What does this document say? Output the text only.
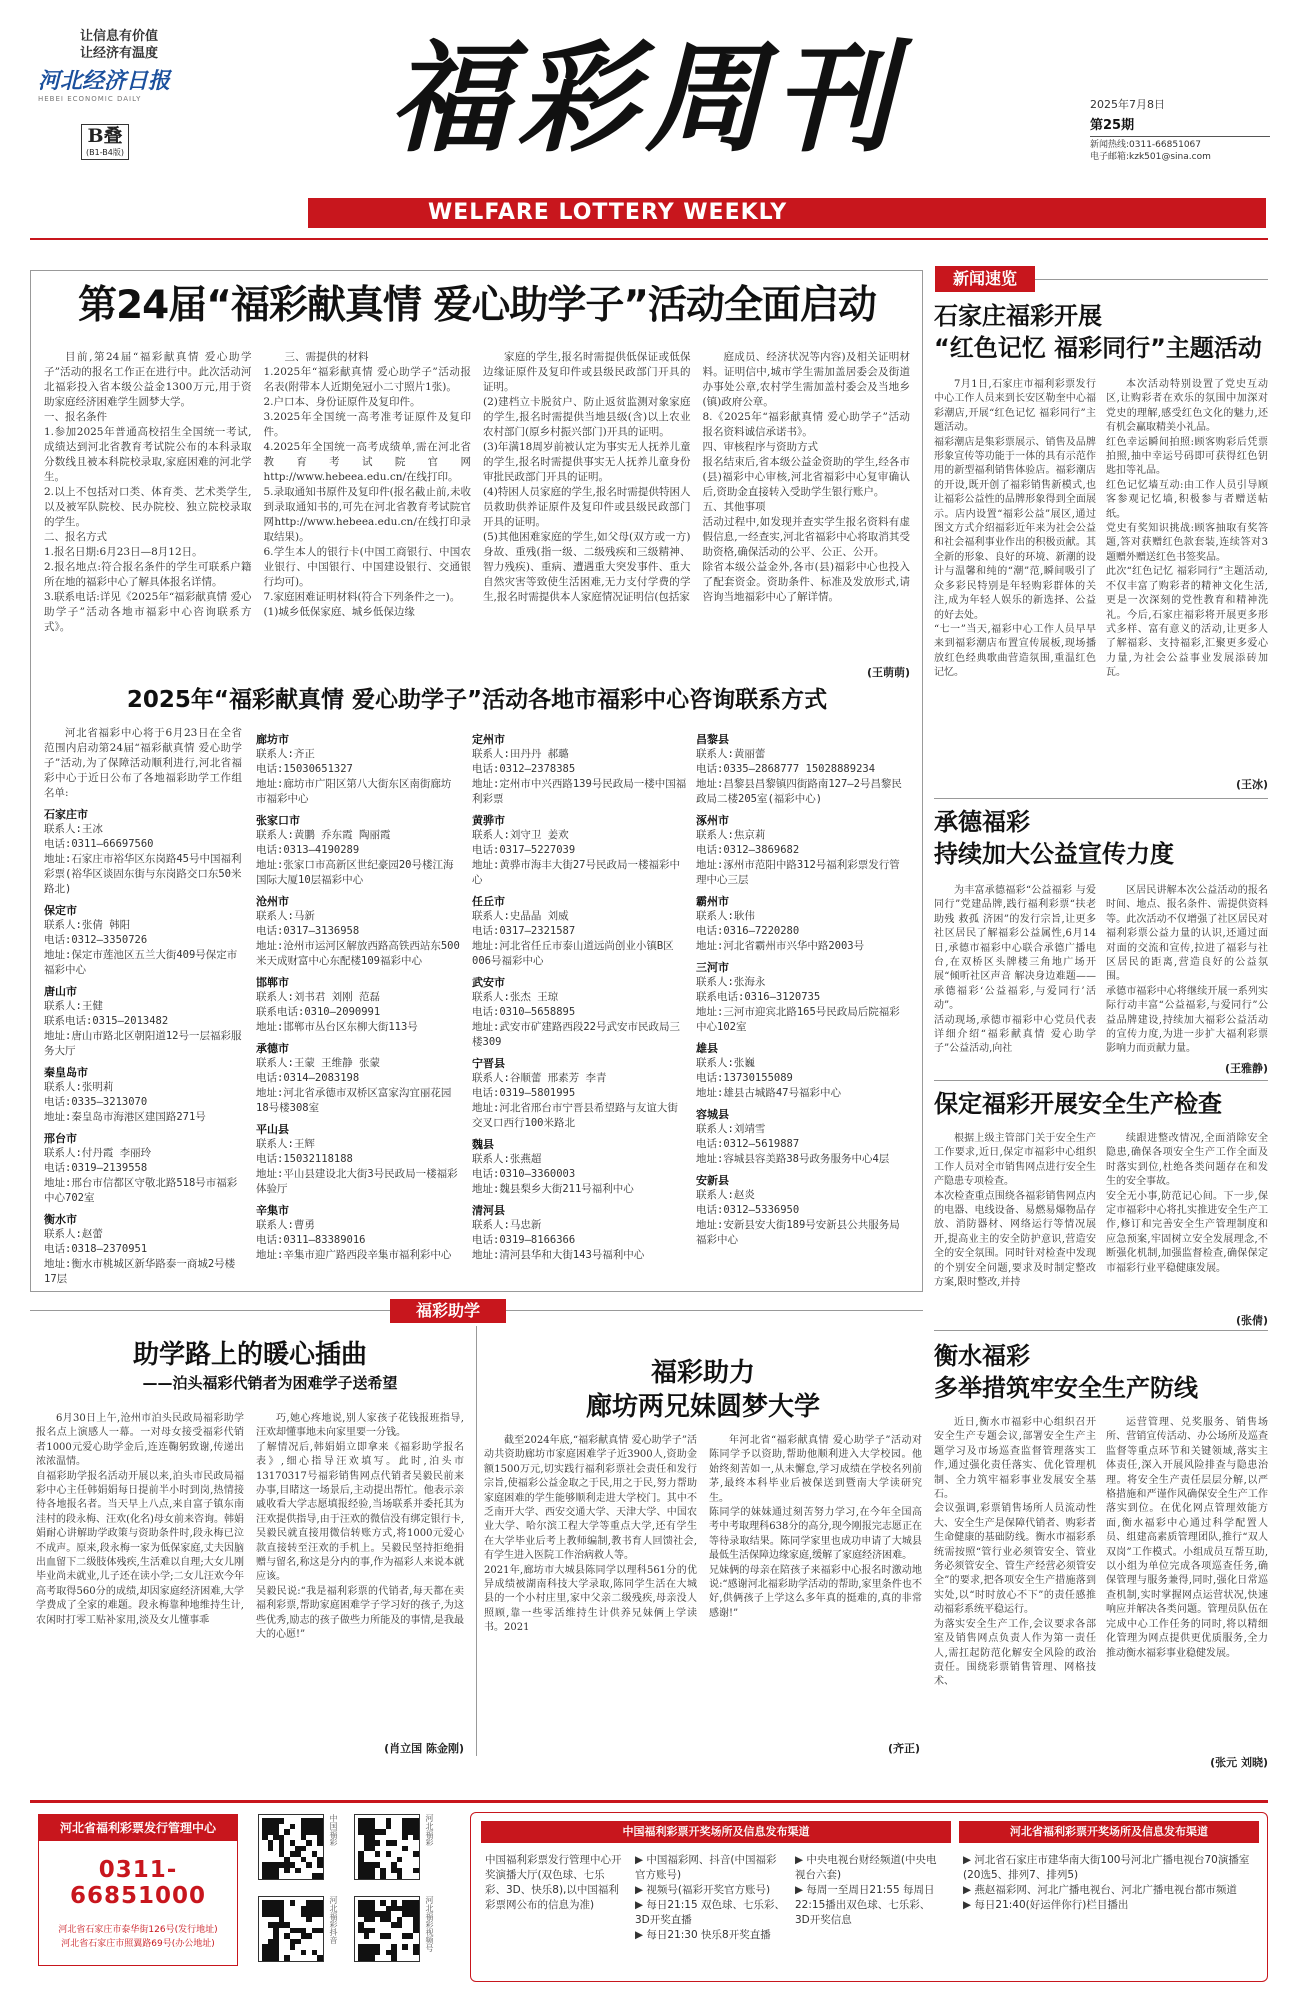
让信息有价值
让经济有温度
河北经济日报
HEBEI ECONOMIC DAILY
B叠
(B1-B4版)	福彩周刊	2025年7月8日
第25期
新闻热线:0311-66851067
电子邮箱:kzk501@sina.com
WELFARE LOTTERY WEEKLY
第24届“福彩献真情 爱心助学子”活动全面启动
目前,第24届“福彩献真情 爱心助学子”活动的报名工作正在进行中。此次活动河北福彩投入省本级公益金1300万元,用于资助家庭经济困难学生圆梦大学。
一、报名条件
1.参加2025年普通高校招生全国统一考试,成绩达到河北省教育考试院公布的本科录取分数线且被本科院校录取,家庭困难的河北学生。
2.以上不包括对口类、体育类、艺术类学生,以及被军队院校、民办院校、独立院校录取的学生。
二、报名方式
1.报名日期:6月23日—8月12日。
2.报名地点:符合报名条件的学生可联系户籍所在地的福彩中心了解具体报名详情。
3.联系电话:详见《2025年“福彩献真情 爱心助学子”活动各地市福彩中心咨询联系方式》。
三、需提供的材料
1.2025年“福彩献真情 爱心助学子”活动报名表(附带本人近期免冠小二寸照片1张)。
2.户口本、身份证原件及复印件。
3.2025年全国统一高考准考证原件及复印件。
4.2025年全国统一高考成绩单,需在河北省教育考试院官网http://www.hebeea.edu.cn/在线打印。
5.录取通知书原件及复印件(报名截止前,未收到录取通知书的,可先在河北省教育考试院官网http://www.hebeea.edu.cn/在线打印录取结果)。
6.学生本人的银行卡(中国工商银行、中国农业银行、中国银行、中国建设银行、交通银行均可)。
7.家庭困难证明材料(符合下列条件之一)。
(1)城乡低保家庭、城乡低保边缘
家庭的学生,报名时需提供低保证或低保边缘证原件及复印件或县级民政部门开具的证明。
(2)建档立卡脱贫户、防止返贫监测对象家庭的学生,报名时需提供当地县级(含)以上农业农村部门(原乡村振兴部门)开具的证明。
(3)年满18周岁前被认定为事实无人抚养儿童的学生,报名时需提供事实无人抚养儿童身份审批民政部门开具的证明。
(4)特困人员家庭的学生,报名时需提供特困人员救助供养证原件及复印件或县级民政部门开具的证明。
(5)其他困难家庭的学生,如父母(双方或一方)身故、重残(指一级、二级残疾和三级精神、智力残疾)、重病、遭遇重大突发事件、重大自然灾害等致使生活困难,无力支付学费的学生,报名时需提供本人家庭情况证明信(包括家
庭成员、经济状况等内容)及相关证明材料。证明信中,城市学生需加盖居委会及街道办事处公章,农村学生需加盖村委会及当地乡(镇)政府公章。
8.《2025年“福彩献真情 爱心助学子”活动报名资料诚信承诺书》。
四、审核程序与资助方式
报名结束后,省本级公益金资助的学生,经各市(县)福彩中心审核,河北省福彩中心复审确认后,资助金直接转入受助学生银行账户。
五、其他事项
活动过程中,如发现并查实学生报名资料有虚假信息,一经查实,河北省福彩中心将取消其受助资格,确保活动的公平、公正、公开。
除省本级公益金外,各市(县)福彩中心也投入了配套资金。资助条件、标准及发放形式,请咨询当地福彩中心了解详情。
(王萌萌)
2025年“福彩献真情 爱心助学子”活动各地市福彩中心咨询联系方式
河北省福彩中心将于6月23日在全省范围内启动第24届“福彩献真情 爱心助学子”活动,为了保障活动顺利进行,河北省福彩中心于近日公布了各地福彩助学工作组名单:
石家庄市
联系人:王冰
电话:0311—66697560
地址:石家庄市裕华区东岗路45号中国福利彩票(裕华区谈固东街与东岗路交口东50米路北)
保定市
联系人:张倩 韩阳
电话:0312—3350726
地址:保定市莲池区五兰大街409号保定市福彩中心
唐山市
联系人:王健
联系电话:0315—2013482
地址:唐山市路北区朝阳道12号一层福彩服务大厅
秦皇岛市
联系人:张明莉
电话:0335—3213070
地址:秦皇岛市海港区建国路271号
邢台市
联系人:付丹霞 李丽玲
电话:0319—2139558
地址:邢台市信都区守敬北路518号市福彩中心702室
衡水市
联系人:赵蕾
电话:0318—2370951
地址:衡水市桃城区新华路泰一商城2号楼17层
廊坊市
联系人:齐正
电话:15030651327
地址:廊坊市广阳区第八大街东区南街廊坊市福彩中心
张家口市
联系人:黄鹏 乔东霞 陶丽霞
电话:0313—4190289
地址:张家口市高新区世纪豪园20号楼江海国际大厦10层福彩中心
沧州市
联系人:马新
电话:0317—3136958
地址:沧州市运河区解放西路高铁西站东500米天成财富中心东配楼109福彩中心
邯郸市
联系人:刘书君 刘刚 范磊
联系电话:0310—2090991
地址:邯郸市丛台区东柳大街113号
承德市
联系人:王蒙 王维静 张蒙
电话:0314—2083198
地址:河北省承德市双桥区富家沟宜丽花园18号楼308室
平山县
联系人:王辉
电话:15032118188
地址:平山县建设北大街3号民政局一楼福彩体验厅
辛集市
联系人:曹勇
电话:0311—83389016
地址:辛集市迎广路西段辛集市福利彩中心
定州市
联系人:田丹丹 郝璐
电话:0312—2378385
地址:定州市中兴西路139号民政局一楼中国福利彩票
黄骅市
联系人:刘守卫 姜欢
电话:0317—5227039
地址:黄骅市海丰大街27号民政局一楼福彩中心
任丘市
联系人:史晶晶 刘威
电话:0317—2321587
地址:河北省任丘市泰山道远尚创业小镇B区006号福彩中心
武安市
联系人:张杰 王琼
电话:0310—5658895
地址:武安市矿建路西段22号武安市民政局三楼309
宁晋县
联系人:谷顺蕾 邢素芳 李青
电话:0319—5801995
地址:河北省邢台市宁晋县希望路与友谊大街交叉口西行100米路北
魏县
联系人:张燕超
电话:0310—3360003
地址:魏县梨乡大街211号福利中心
清河县
联系人:马忠新
电话:0319—8166366
地址:清河县华和大街143号福利中心
昌黎县
联系人:黄丽蕾
电话:0335—2868777 15028889234
地址:昌黎县昌黎镇四街路南127—2号昌黎民政局二楼205室(福彩中心)
涿州市
联系人:焦京莉
电话:0312—3869682
地址:涿州市范阳中路312号福利彩票发行管理中心三层
霸州市
联系人:耿伟
电话:0316—7220280
地址:河北省霸州市兴华中路2003号
三河市
联系人:张海永
联系电话:0316—3120735
地址:三河市迎宾北路165号民政局后院福彩中心102室
雄县
联系人:张巍
电话:13730155089
地址:雄县古城路47号福彩中心
容城县
联系人:刘靖雪
电话:0312—5619887
地址:容城县容美路38号政务服务中心4层
安新县
联系人:赵炎
电话:0312—5336950
地址:安新县安大街189号安新县公共服务局福彩中心
新闻速览
石家庄福彩开展
“红色记忆 福彩同行”主题活动
7月1日,石家庄市福利彩票发行中心工作人员来到长安区勒奎中心福彩潮店,开展“红色记忆 福彩同行”主题活动。
福彩潮店是集彩票展示、销售及品牌形象宣传等功能于一体的具有示范作用的新型福利销售体验店。福彩潮店的开设,既开创了福彩销售新模式,也让福彩公益性的品牌形象得到全面展示。店内设置“福彩公益”展区,通过图文方式介绍福彩近年来为社会公益和社会福利事业作出的积极贡献。其全新的形象、良好的环境、新潮的设计与温馨和纯的“潮”范,瞬间吸引了众多彩民特别是年轻购彩群体的关注,成为年轻人娱乐的新选择、公益的好去处。
“七一”当天,福彩中心工作人员早早来到福彩潮店布置宣传展板,现场播放红色经典歌曲营造氛围,重温红色记忆。
本次活动特别设置了党史互动区,让购彩者在欢乐的氛围中加深对党史的理解,感受红色文化的魅力,还有机会赢取精美小礼品。
红色幸运瞬间拍照:顾客购彩后凭票拍照,抽中幸运号码即可获得红色钥匙扣等礼品。
红色记忆墙互动:由工作人员引导顾客参观记忆墙,积极参与者赠送帖纸。
党史有奖知识挑战:顾客抽取有奖答题,答对获赠红色款套装,连续答对3题赠外赠送红色书签奖品。
此次“红色记忆 福彩同行”主题活动,不仅丰富了购彩者的精神文化生活,更是一次深刻的党性教育和精神洗礼。今后,石家庄福彩将开展更多形式多样、富有意义的活动,让更多人了解福彩、支持福彩,汇聚更多爱心力量,为社会公益事业发展添砖加瓦。
(王冰)
承德福彩
持续加大公益宣传力度
为丰富承德福彩“公益福彩 与爱同行”党建品牌,践行福利彩票“扶老 助残 救孤 济困”的发行宗旨,让更多社区居民了解福彩公益属性,6月14日,承德市福彩中心联合承德广播电台,在双桥区头牌楼三角地广场开展“倾听社区声音 解决身边难题——承德福彩‘公益福彩,与爱同行’活动”。
活动现场,承德市福彩中心党员代表详细介绍“福彩献真情 爱心助学子”公益活动,向社
区居民讲解本次公益活动的报名时间、地点、报名条件、需提供资料等。此次活动不仅增强了社区居民对福利彩票公益力量的认识,还通过面对面的交流和宣传,拉进了福彩与社区居民的距离,营造良好的公益氛围。
承德市福彩中心将继续开展一系列实际行动丰富“公益福彩,与爱同行”公益品牌建设,持续加大福彩公益活动的宣传力度,为进一步扩大福利彩票影响力而贡献力量。
(王雅静)
保定福彩开展安全生产检查
根据上级主管部门关于安全生产工作要求,近日,保定市福彩中心组织工作人员对全市销售网点进行安全生产隐患专项检查。
本次检查重点围绕各福彩销售网点内的电器、电线设备、易燃易爆物品存放、消防器材、网络运行等情况展开,提高业主的安全防护意识,营造安全的安全氛围。同时针对检查中发现的个别安全问题,要求及时制定整改方案,限时整改,并持
续跟进整改情况,全面消除安全隐患,确保各项安全生产工作全面及时落实到位,杜绝各类问题存在和发生的安全事故。
安全无小事,防范记心间。下一步,保定市福彩中心将扎实推进安全生产工作,修订和完善安全生产管理制度和应急预案,牢固树立安全发展理念,不断强化机制,加强监督检查,确保保定市福彩行业平稳健康发展。
(张倩)
衡水福彩
多举措筑牢安全生产防线
近日,衡水市福彩中心组织召开安全生产专题会议,部署安全生产主题学习及市场巡查监督管理落实工作,通过强化责任落实、优化管理机制、全力筑牢福彩事业发展安全基石。
会议强调,彩票销售场所人员流动性大、安全生产是保障代销者、购彩者生命健康的基础防线。衡水市福彩系统需按照“管行业必须管安全、管业务必须管安全、管生产经营必须管安全”的要求,把各项安全生产措施落到实处,以“时时放心不下”的责任感推动福彩系统平稳运行。
为落实安全生产工作,会议要求各部室及销售网点负责人作为第一责任人,需扛起防范化解安全风险的政治责任。围绕彩票销售管理、网格技术、
运营管理、兑奖服务、销售场所、营销宣传活动、办公场所及巡查监督等重点环节和关键领域,落实主体责任,深入开展风险排查与隐患治理。将安全生产责任层层分解,以严格措施和严谨作风确保安全生产工作落实到位。在优化网点管理效能方面,衡水福彩中心通过科学配置人员、组建高素质管理团队,推行“双人双岗”工作模式。小组成员互帮互助,以小组为单位完成各项巡查任务,确保管理与服务兼得,同时,强化日常巡查机制,实时掌握网点运营状况,快速响应并解决各类问题。管理员队伍在完成中心工作任务的同时,将以精细化管理为网点提供更优质服务,全力推动衡水福彩事业稳健发展。
(张元 刘晓)
福彩助学
助学路上的暖心插曲
——泊头福彩代销者为困难学子送希望
6月30日上午,沧州市泊头民政局福彩助学报名点上演感人一幕。一对母女接受福彩代销者1000元爱心助学金后,连连鞠躬致谢,传递出浓浓温情。
自福彩助学报名活动开展以来,泊头市民政局福彩中心主任韩娟娟每日提前半小时到岗,热情接待各地报名者。当天早上八点,来自富子镇东南洼村的段永梅、汪欢(化名)母女前来咨询。韩娟娟耐心讲解助学政策与资助条件时,段永梅已泣不成声。原来,段永梅一家为低保家庭,丈夫因脑出血留下二级肢体残疾,生活难以自理;大女儿刚毕业尚未就业,儿子还在读小学;二女儿汪欢今年高考取得560分的成绩,却因家庭经济困难,大学学费成了全家的难题。段永梅靠种地维持生计,农闲时打零工贴补家用,淡及女儿懂事乖
巧,她心疼地说,别人家孩子花钱报班指导,汪欢却懂事地未向家里要一分钱。
了解情况后,韩娟娟立即拿来《福彩助学报名表》,细心指导汪欢填写。此时,泊头市13170317号福彩销售网点代销者吴毅民前来办事,目睹这一场景后,主动提出帮忙。他表示亲戚收看大学志愿填报经验,当场联系并委托其为汪欢提供指导,由于汪欢的微信没有绑定银行卡,吴毅民就直接用微信转账方式,将1000元爱心款直接转至汪欢的手机上。吴毅民坚持拒绝捐赠与留名,称这是分内的事,作为福彩人来说本就应该。
吴毅民说:“我是福利彩票的代销者,每天都在卖福利彩票,帮助家庭困难学子学习好的孩子,为这些优秀,励志的孩子做些力所能及的事情,是我最大的心愿!”
(肖立国 陈金刚)
福彩助力
廊坊两兄妹圆梦大学
截至2024年底,“福彩献真情 爱心助学子”活动共资助廊坊市家庭困难学子近3900人,资助金额1500万元,切实践行福利彩票社会责任和发行宗旨,使福彩公益金取之于民,用之于民,努力帮助家庭困难的学生能够顺利走进大学校门。其中不乏南开大学、西安交通大学、天津大学、中国农业大学、哈尔滨工程大学等重点大学,还有学生在大学毕业后考上教师编制,教书育人回馈社会,有学生进入医院工作治病救人等。
2021年,廊坊市大城县陈同学以理科561分的优异成绩被湖南科技大学录取,陈同学生活在大城县的一个小村庄里,家中父亲二级残疾,母亲没人照顾,靠一些零活维持生计供养兄妹俩上学读书。2021
年河北省“福彩献真情 爱心助学子”活动对陈同学予以资助,帮助他顺利进入大学校园。他始终刻苦如一,从未懈怠,学习成绩在学校名列前茅,最终本科毕业后被保送到暨南大学读研究生。
陈同学的妹妹通过刻苦努力学习,在今年全国高考中考取理科638分的高分,现今刚报完志愿正在等待录取结果。陈同学家里也成功申请了大城县最低生活保障边缘家庭,缓解了家庭经济困难。
兄妹俩的母亲在陪孩子来福彩中心报名时激动地说:“感谢河北福彩助学活动的帮助,家里条件也不好,供俩孩子上学这么多年真的挺难的,真的非常感谢!”
(齐正)
河北省福利彩票发行管理中心
0311-66851000
河北省石家庄市泰华街126号(发行地址)
河北省石家庄市照翼路69号(办公地址)
中国福彩	河北福彩
河北福彩抖音	河北福彩视频号
中国福利彩票开奖场所及信息发布渠道	河北省福利彩票开奖场所及信息发布渠道
中国福利彩票发行管理中心开奖演播大厅(双色球、七乐彩、3D、快乐8),以中国福利彩票网公布的信息为准)
▶ 中国福彩网、抖音(中国福彩官方账号)
▶ 视频号(福彩开奖官方账号)
▶ 每日21:15 双色球、七乐彩、3D开奖直播
▶ 每日21:30 快乐8开奖直播
▶ 中央电视台财经频道(中央电视台六套)
▶ 每周一至周日21:55 每周日22:15播出双色球、七乐彩、3D开奖信息
▶ 河北省石家庄市建华南大街100号河北广播电视台70演播室(20选5、排列7、排列5)
▶ 燕赵福彩网、河北广播电视台、河北广播电视台都市频道
▶ 每日21:40(好运伴你行)栏目播出
